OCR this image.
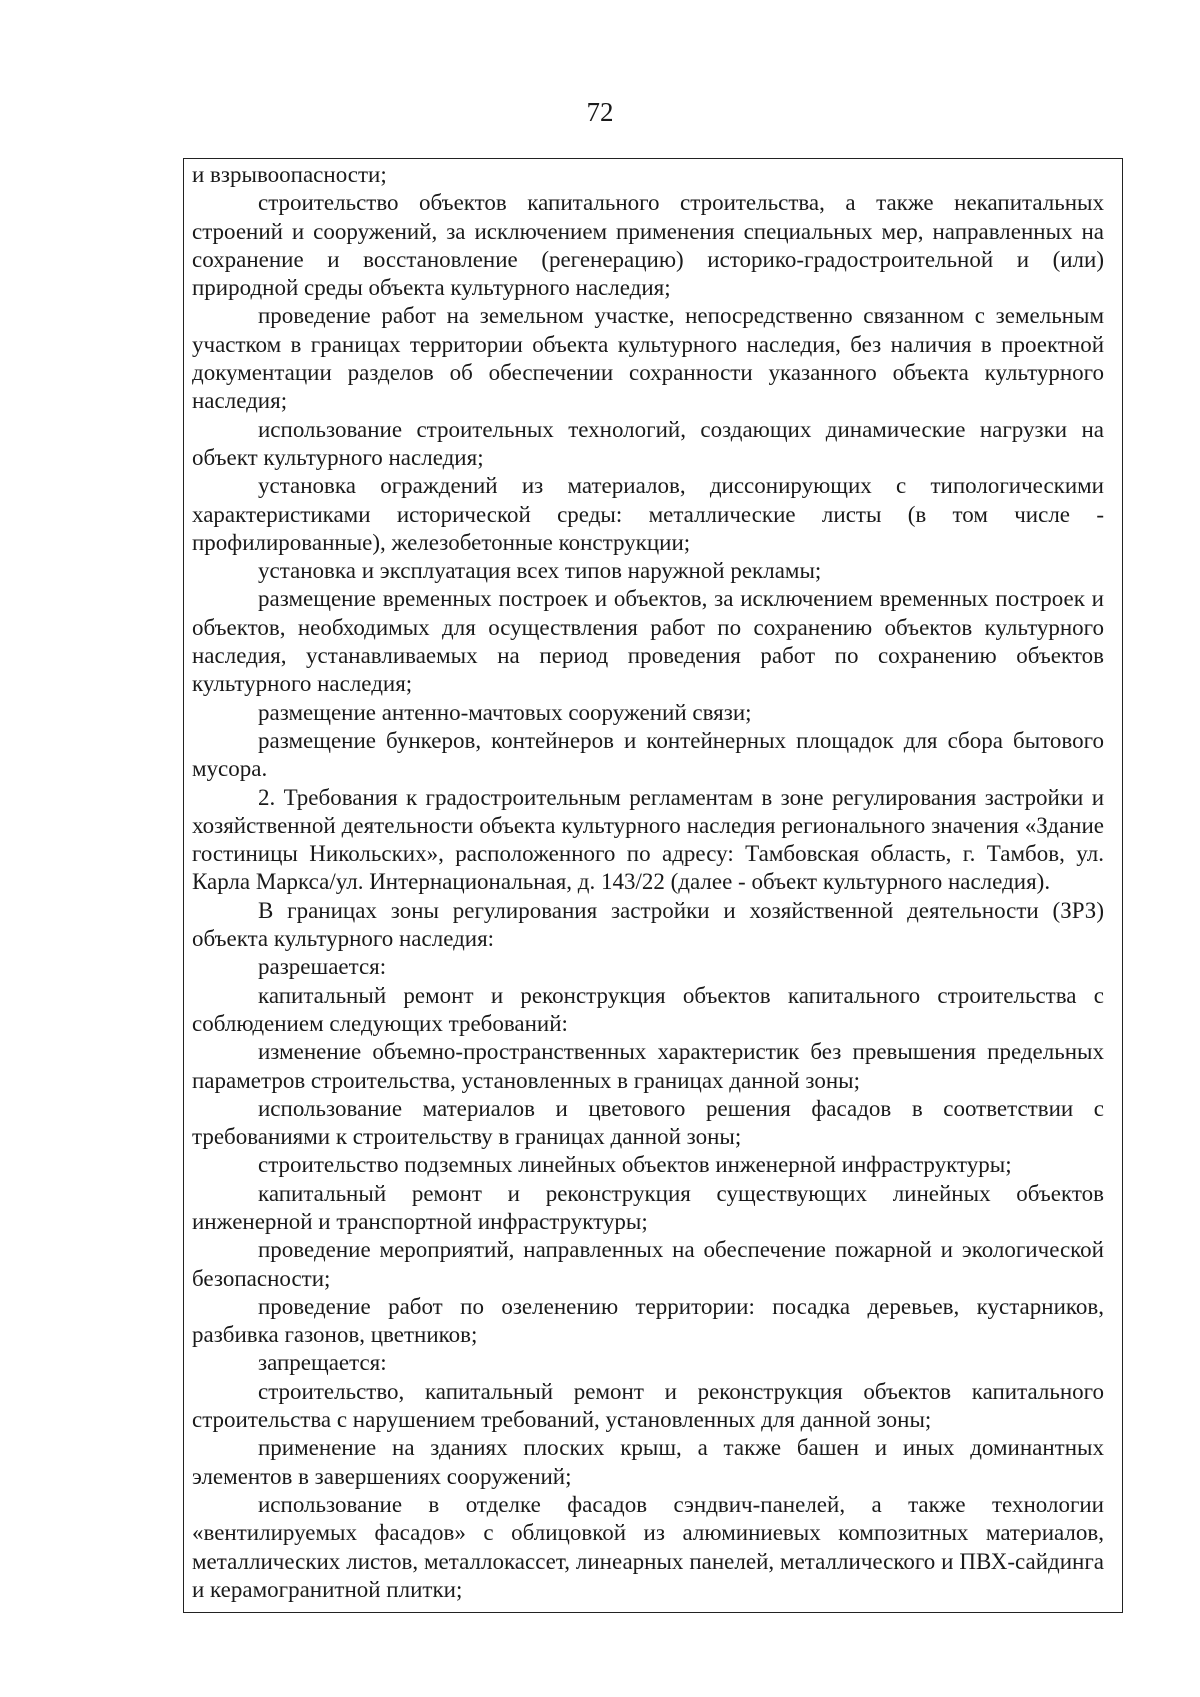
72

и взрывоопасности;

строительство объектов капитального строительства, а также некапитальных строений и сооружений, за исключением применения специальных мер, направленных на сохранение и восстановление (регенерацию) историко-градостроительной и (или) природной среды объекта культурного наследия;

проведение работ на земельном участке, непосредственно связанном с земельным участком в границах территории объекта культурного наследия, без наличия в проектной документации разделов об обеспечении сохранности указанного объекта культурного наследия;

использование строительных технологий, создающих динамические нагрузки на объект культурного наследия;

установка ограждений из материалов, диссонирующих с типологическими характеристиками исторической среды: металлические листы (в том числе - профилированные), железобетонные конструкции;

установка и эксплуатация всех типов наружной рекламы;

размещение временных построек и объектов, за исключением временных построек и объектов, необходимых для осуществления работ по сохранению объектов культурного наследия, устанавливаемых на период проведения работ по сохранению объектов культурного наследия;

размещение антенно-мачтовых сооружений связи;

размещение бункеров, контейнеров и контейнерных площадок для сбора бытового мусора.

2. Требования к градостроительным регламентам в зоне регулирования застройки и хозяйственной деятельности объекта культурного наследия регионального значения «Здание гостиницы Никольских», расположенного по адресу: Тамбовская область, г. Тамбов, ул. Карла Маркса/ул. Интернациональная, д. 143/22 (далее - объект культурного наследия).

В границах зоны регулирования застройки и хозяйственной деятельности (ЗРЗ) объекта культурного наследия:

разрешается:

капитальный ремонт и реконструкция объектов капитального строительства с соблюдением следующих требований:

изменение объемно-пространственных характеристик без превышения предельных параметров строительства, установленных в границах данной зоны;

использование материалов и цветового решения фасадов в соответствии с требованиями к строительству в границах данной зоны;

строительство подземных линейных объектов инженерной инфраструктуры;

капитальный ремонт и реконструкция существующих линейных объектов инженерной и транспортной инфраструктуры;

проведение мероприятий, направленных на обеспечение пожарной и экологической безопасности;

проведение работ по озеленению территории: посадка деревьев, кустарников, разбивка газонов, цветников;

запрещается:

строительство, капитальный ремонт и реконструкция объектов капитального строительства с нарушением требований, установленных для данной зоны;

применение на зданиях плоских крыш, а также башен и иных доминантных элементов в завершениях сооружений;

использование в отделке фасадов сэндвич-панелей, а также технологии «вентилируемых фасадов» с облицовкой из алюминиевых композитных материалов, металлических листов, металлокассет, линеарных панелей, металлического и ПВХ-сайдинга и керамогранитной плитки;
